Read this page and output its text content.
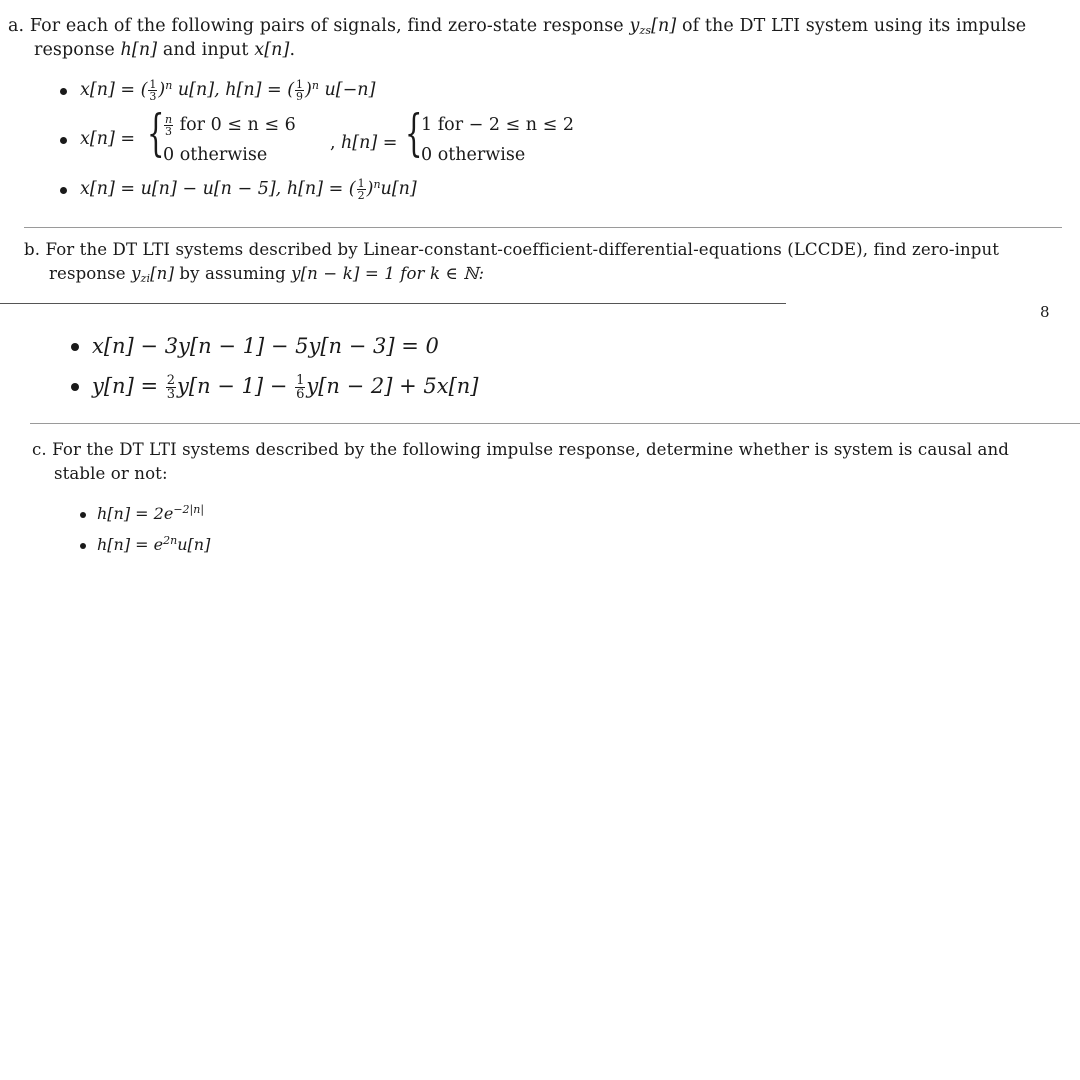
a. For each of the following pairs of signals, find zero-state response $y_{zs}[n]$ of the DT LTI system using its impulse
response h[n] and input x[n].
x[n] = ( $\frac{1}{3} )^n$ u[n], h[n] = ( $\frac{1}{9} )^n$ u[−n]
x[n] = { $\frac{n}{3}$ for 0 ≤ n ≤ 6
0 otherwise
, h[n] = {
1 for − 2 ≤ n ≤ 2
0 otherwise
x[n] = u[n] − u[n − 5], h[n] = ( $\frac{1}{2} )^nu[n]$
b. For the DT LTI systems described by Linear-constant-coefficient-differential-equations (LCCDE), find zero-input
response $y_{zi}[n]$ by assuming y[n − k] = 1 for k ∈ ℕ:
8
x[n] − 3y[n − 1] − 5y[n − 3] = 0
$y[n] = \frac{2}{3} y[n - 1] - \frac{1}{6} y[n - 2] + 5x[n]$
c. For the DT LTI systems described by the following impulse response, determine whether is system is causal and
stable or not:
$h[n] = 2e^{-2|n|}$
$h[n] = e^{2n}u[n]$
